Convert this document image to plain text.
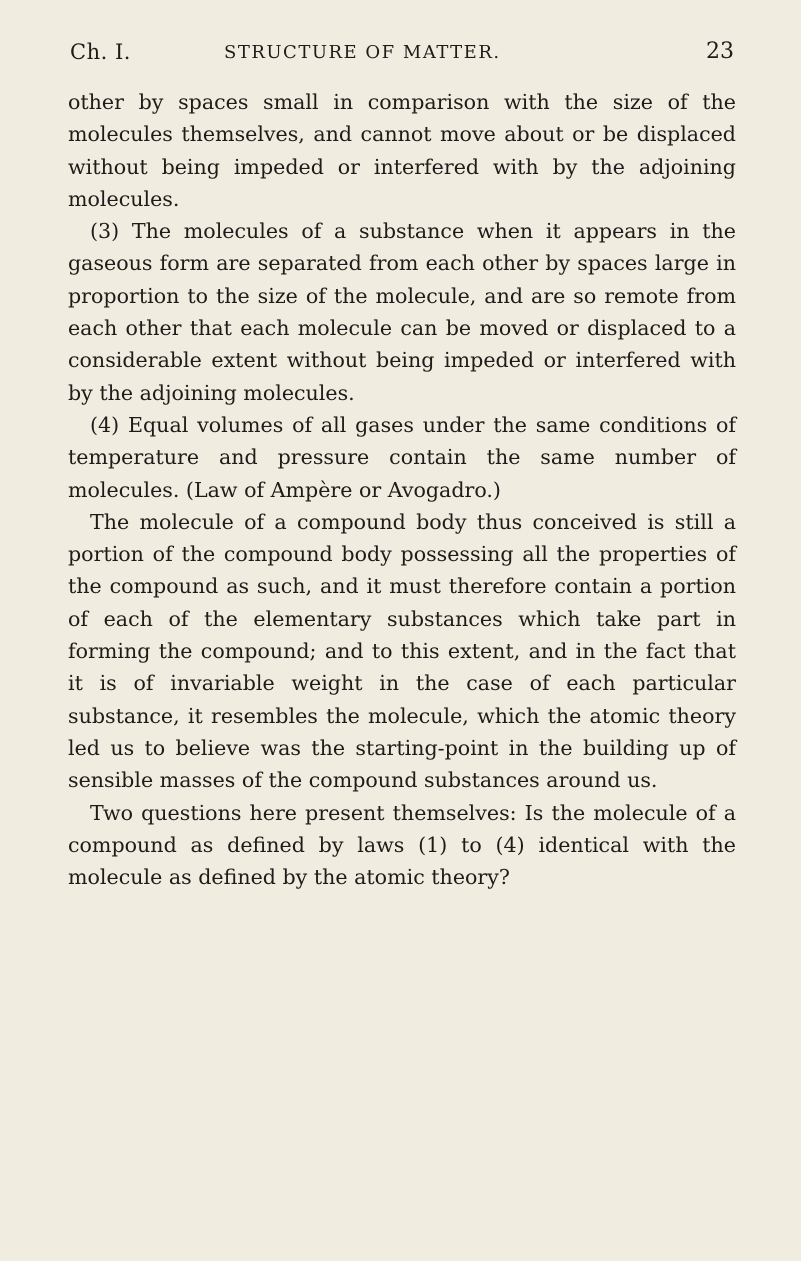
Ch. I.	STRUCTURE OF MATTER.	23

other by spaces small in comparison with the size of the molecules themselves, and cannot move about or be displaced without being impeded or interfered with by the adjoining molecules.

(3) The molecules of a substance when it appears in the gaseous form are separated from each other by spaces large in proportion to the size of the molecule, and are so remote from each other that each molecule can be moved or displaced to a considerable extent without being impeded or interfered with by the adjoining molecules.

(4) Equal volumes of all gases under the same conditions of temperature and pressure contain the same number of molecules. (Law of Ampère or Avogadro.)

The molecule of a compound body thus conceived is still a portion of the compound body possessing all the properties of the compound as such, and it must therefore contain a portion of each of the elementary substances which take part in forming the compound; and to this extent, and in the fact that it is of invariable weight in the case of each particular substance, it resembles the molecule, which the atomic theory led us to believe was the starting-point in the building up of sensible masses of the compound substances around us.

Two questions here present themselves: Is the molecule of a compound as defined by laws (1) to (4) identical with the molecule as defined by the atomic theory?
